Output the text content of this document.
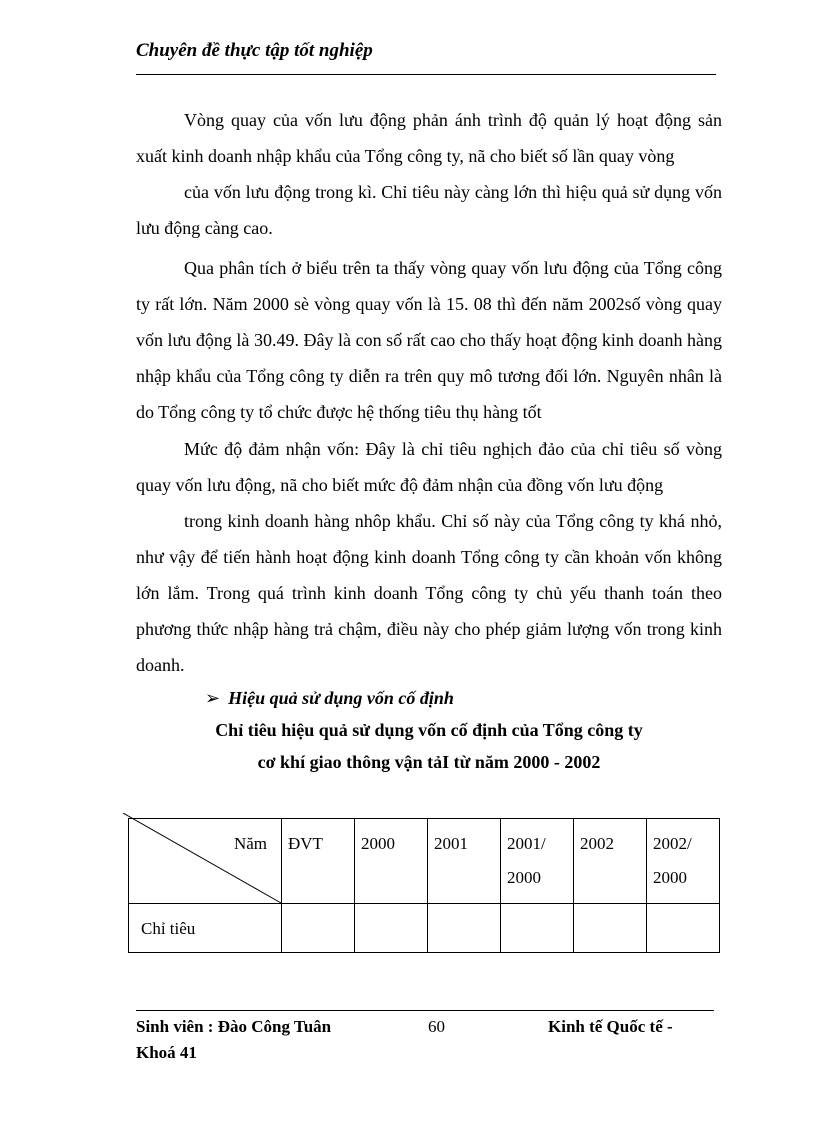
Chuyên đề thực tập tốt nghiệp

Vòng quay của vốn lưu động phản ánh trình độ quản lý hoạt động sản xuất kinh doanh nhập khẩu của Tổng công ty, nã cho biết số lần quay vòng

của vốn lưu động trong kì. Chỉ tiêu này càng lớn thì hiệu quả sử dụng vốn lưu động càng cao.

Qua phân tích ở biểu trên ta thấy vòng quay vốn lưu động của Tổng công ty rất lớn. Năm 2000 sè vòng quay vốn là 15. 08 thì đến năm 2002số vòng quay vốn lưu động là 30.49. Đây là con số rất cao cho thấy hoạt động kinh doanh hàng nhập khẩu của Tổng công ty diễn ra trên quy mô tương đối lớn. Nguyên nhân là do Tổng công ty tổ chức được hệ thống tiêu thụ hàng tốt

Mức độ đảm nhận vốn: Đây là chỉ tiêu nghịch đảo của chỉ tiêu số vòng quay vốn lưu động, nã cho biết mức độ đảm nhận của đồng vốn lưu động

trong kinh doanh hàng nhôp khẩu. Chỉ số này của Tổng công ty khá nhỏ, như vậy để tiến hành hoạt động kinh doanh Tổng công ty cần khoản vốn không lớn lắm. Trong quá trình kinh doanh Tổng công ty chủ yếu thanh toán theo phương thức nhập hàng trả chậm, điều này cho phép giảm lượng vốn trong kinh doanh.

➢ Hiệu quả sử dụng vốn cố định
Chỉ tiêu hiệu quả sử dụng vốn cố định của Tổng công ty
cơ khí giao thông vận tảI từ năm 2000 - 2002
Năm	ĐVT	2000	2001	2001/ 2000	2002	2002/ 2000
Chỉ tiêu						
Sinh viên : Đào Công Tuân	60	Kinh tế Quốc tế -
Khoá 41
